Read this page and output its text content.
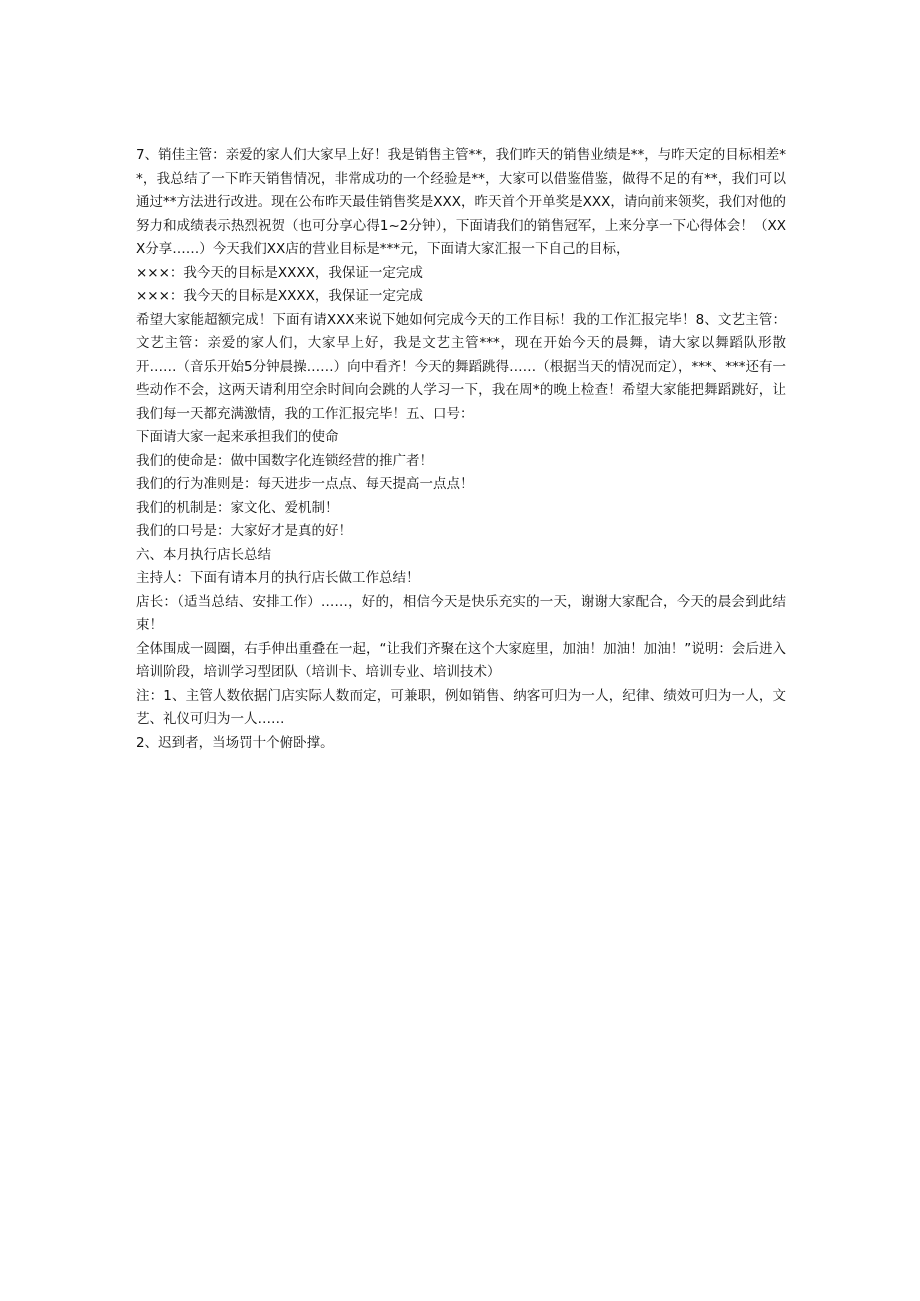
7、销佳主管：亲爱的家人们大家早上好！我是销售主管**，我们昨天的销售业绩是**，与昨天定的目标相差**，我总结了一下昨天销售情况，非常成功的一个经验是**，大家可以借鉴借鉴，做得不足的有**，我们可以通过**方法进行改进。现在公布昨天最佳销售奖是XXX，昨天首个开单奖是XXX，请向前来领奖，我们对他的努力和成绩表示热烈祝贺（也可分享心得1~2分钟），下面请我们的销售冠军，上来分享一下心得体会！（XXX分享……）今天我们XX店的营业目标是***元，下面请大家汇报一下自己的目标，

×××：我今天的目标是XXXX，我保证一定完成

×××：我今天的目标是XXXX，我保证一定完成

希望大家能超额完成！下面有请XXX来说下她如何完成今天的工作目标！我的工作汇报完毕！8、文艺主管：文艺主管：亲爱的家人们，大家早上好，我是文艺主管***，现在开始今天的晨舞，请大家以舞蹈队形散开……（音乐开始5分钟晨操……）向中看齐！今天的舞蹈跳得……（根据当天的情况而定），***、***还有一些动作不会，这两天请利用空余时间向会跳的人学习一下，我在周*的晚上检查！希望大家能把舞蹈跳好，让我们每一天都充满激情，我的工作汇报完毕！五、口号：

下面请大家一起来承担我们的使命

我们的使命是：做中国数字化连锁经营的推广者！

我们的行为准则是：每天进步一点点、每天提高一点点！

我们的机制是：家文化、爱机制！

我们的口号是：大家好才是真的好！

六、本月执行店长总结

主持人：下面有请本月的执行店长做工作总结！

店长：（适当总结、安排工作）……，好的，相信今天是快乐充实的一天，谢谢大家配合，今天的晨会到此结束！

全体围成一圆圈，右手伸出重叠在一起，“让我们齐聚在这个大家庭里，加油！加油！加油！”说明：会后进入培训阶段，培训学习型团队（培训卡、培训专业、培训技术）

注：1、主管人数依据门店实际人数而定，可兼职，例如销售、纳客可归为一人，纪律、绩效可归为一人，文艺、礼仪可归为一人……

2、迟到者，当场罚十个俯卧撑。
